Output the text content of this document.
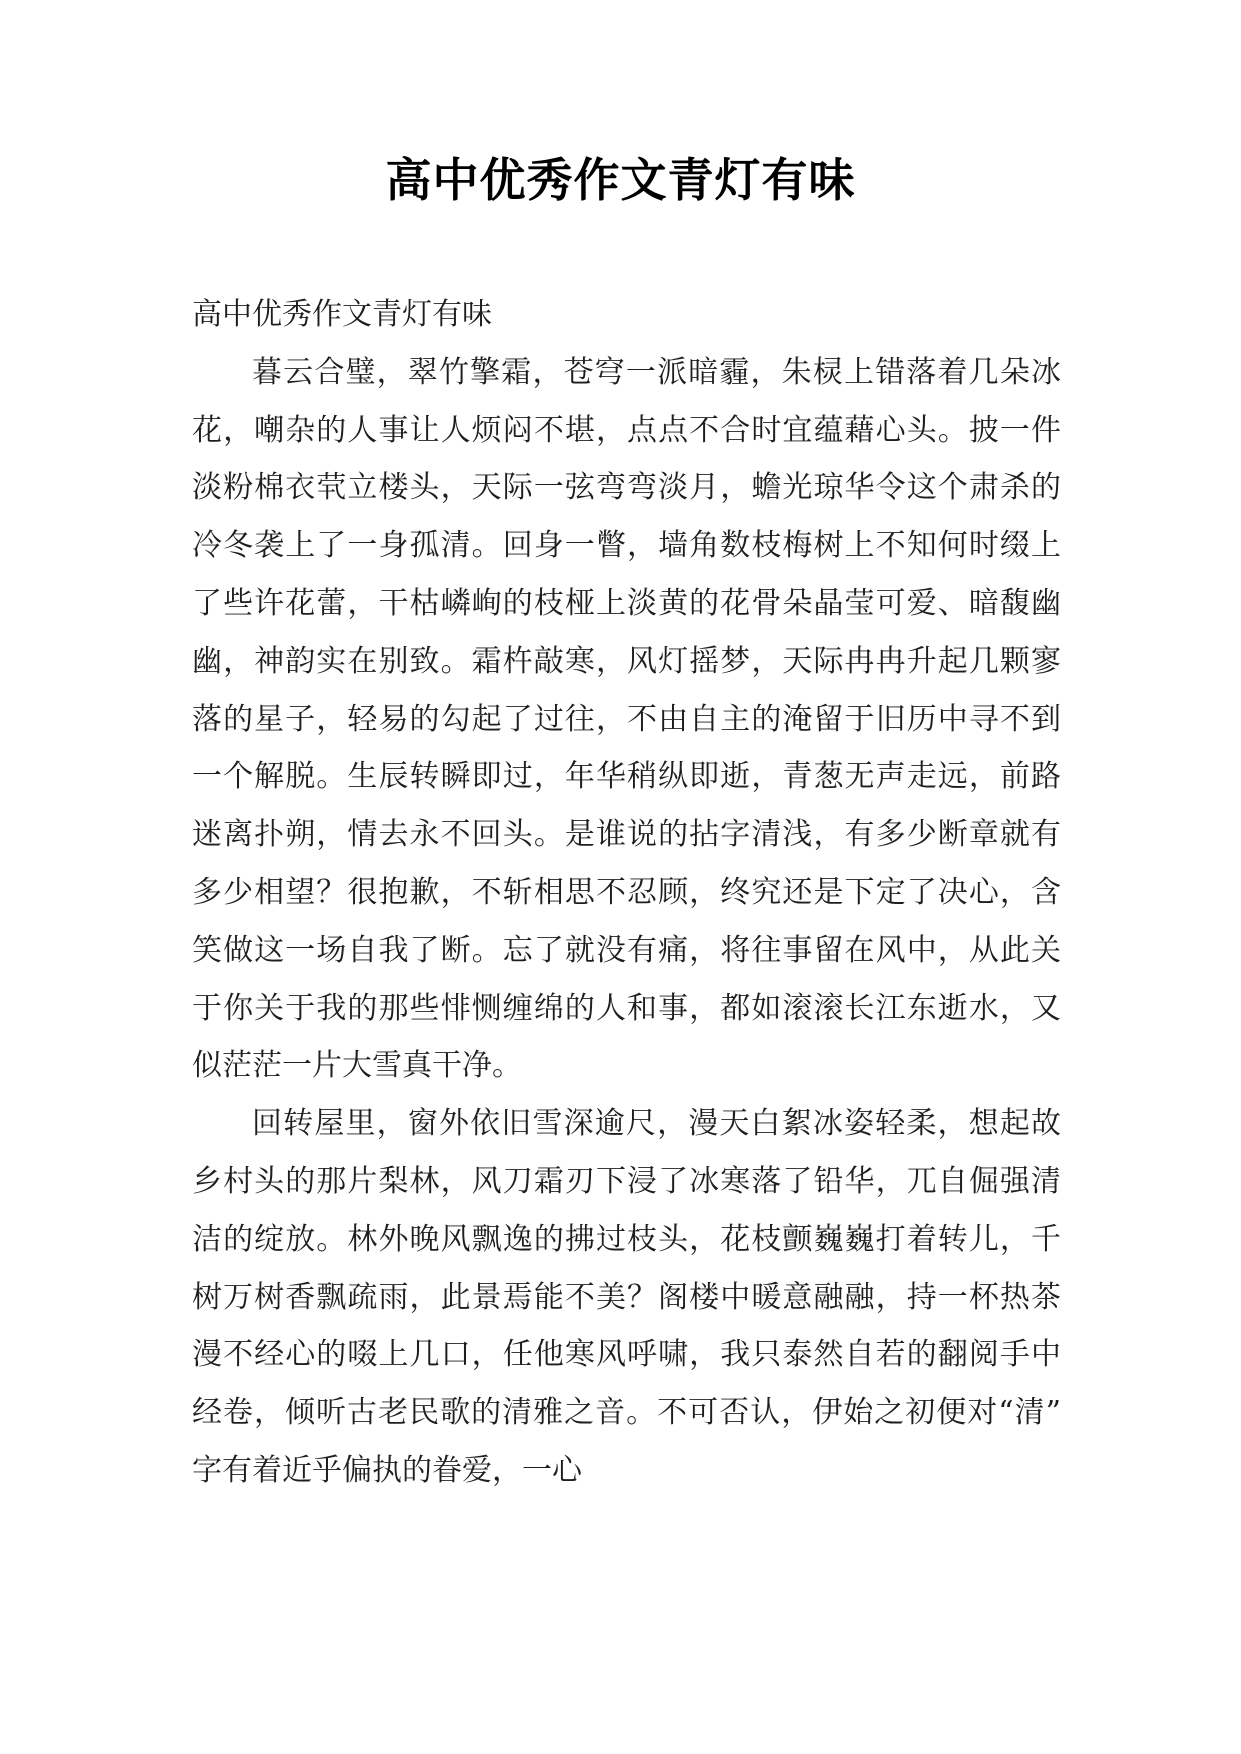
高中优秀作文青灯有味

高中优秀作文青灯有味

暮云合璧，翠竹擎霜，苍穹一派暗霾，朱棂上错落着几朵冰花，嘲杂的人事让人烦闷不堪，点点不合时宜蕴藉心头。披一件淡粉棉衣茕立楼头，天际一弦弯弯淡月，蟾光琼华令这个肃杀的冷冬袭上了一身孤清。回身一瞥，墙角数枝梅树上不知何时缀上了些许花蕾，干枯嶙峋的枝桠上淡黄的花骨朵晶莹可爱、暗馥幽幽，神韵实在别致。霜杵敲寒，风灯摇梦，天际冉冉升起几颗寥落的星子，轻易的勾起了过往，不由自主的淹留于旧历中寻不到一个解脱。生辰转瞬即过，年华稍纵即逝，青葱无声走远，前路迷离扑朔，情去永不回头。是谁说的拈字清浅，有多少断章就有多少相望？很抱歉，不斩相思不忍顾，终究还是下定了决心，含笑做这一场自我了断。忘了就没有痛，将往事留在风中，从此关于你关于我的那些悱恻缠绵的人和事，都如滚滚长江东逝水，又似茫茫一片大雪真干净。

回转屋里，窗外依旧雪深逾尺，漫天白絮冰姿轻柔，想起故乡村头的那片梨林，风刀霜刃下浸了冰寒落了铅华，兀自倔强清洁的绽放。林外晚风飘逸的拂过枝头，花枝颤巍巍打着转儿，千树万树香飘疏雨，此景焉能不美？阁楼中暖意融融，持一杯热茶漫不经心的啜上几口，任他寒风呼啸，我只泰然自若的翻阅手中经卷，倾听古老民歌的清雅之音。不可否认，伊始之初便对“清”字有着近乎偏执的眷爱，一心
